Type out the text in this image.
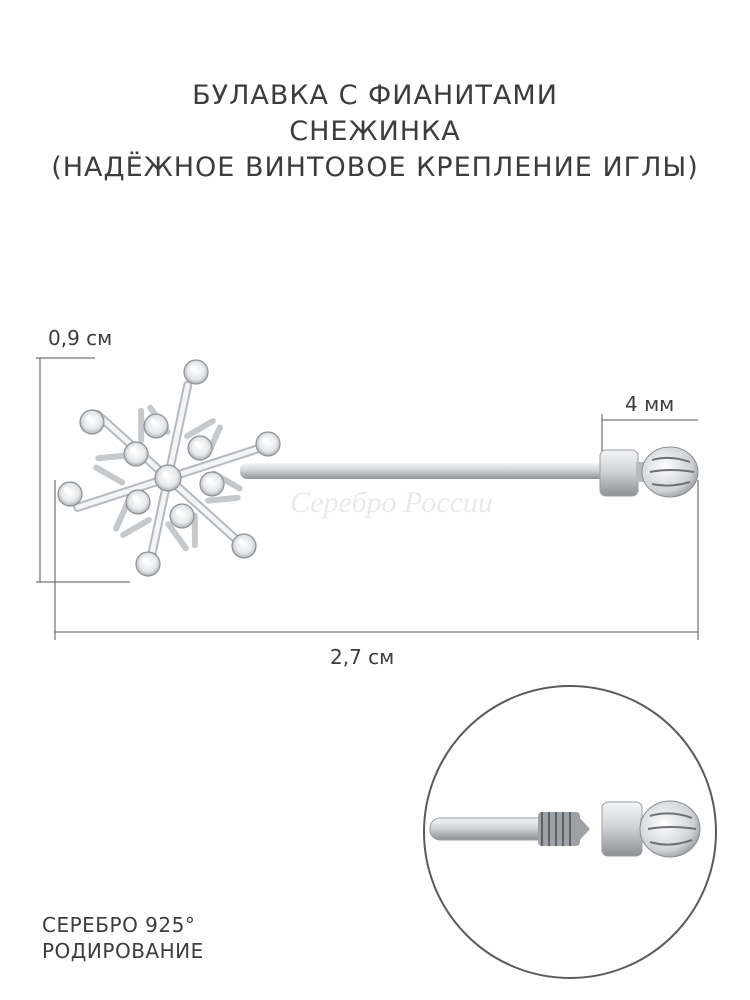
БУЛАВКА С ФИАНИТАМИ
СНЕЖИНКА
(НАДЁЖНОЕ ВИНТОВОЕ КРЕПЛЕНИЕ ИГЛЫ)
Серебро России
0,9 см
2,7 см
4 мм
СЕРЕБРО 925°
РОДИРОВАНИЕ
